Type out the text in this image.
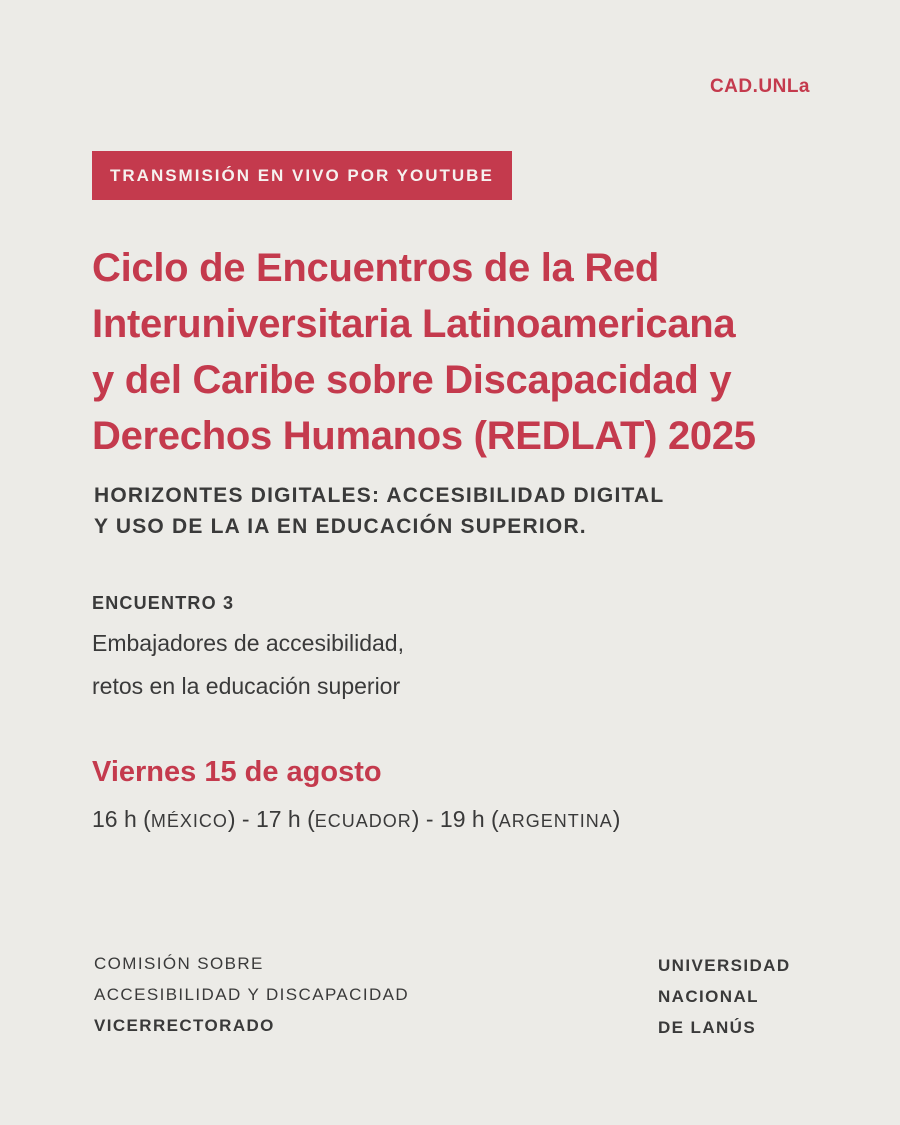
CAD.UNLa
TRANSMISIÓN EN VIVO POR YOUTUBE
Ciclo de Encuentros de la Red
Interuniversitaria Latinoamericana
y del Caribe sobre Discapacidad y
Derechos Humanos (REDLAT) 2025
HORIZONTES DIGITALES: ACCESIBILIDAD DIGITAL
Y USO DE LA IA EN EDUCACIÓN SUPERIOR.
ENCUENTRO 3
Embajadores de accesibilidad,
retos en la educación superior
Viernes 15 de agosto
16 h (MÉXICO) - 17 h (ECUADOR) - 19 h (ARGENTINA)
COMISIÓN SOBRE
ACCESIBILIDAD Y DISCAPACIDAD
VICERRECTORADO
UNIVERSIDAD
NACIONAL
DE LANÚS
